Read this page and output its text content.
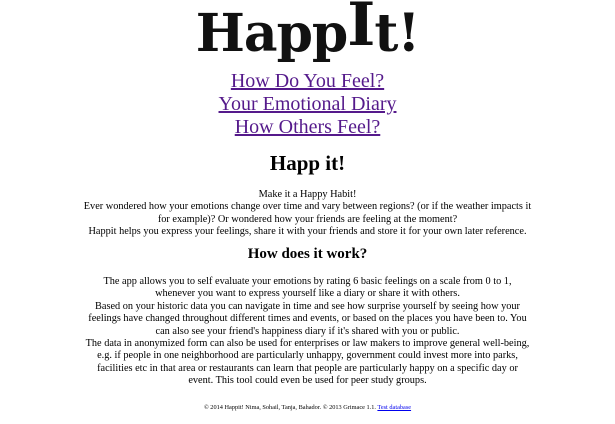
HappIt!
How Do You Feel?
Your Emotional Diary
How Others Feel?
Happ it!

Make it a Happy Habit!

Ever wondered how your emotions change over time and vary between regions? (or if the weather impacts it for example)? Or wondered how your friends are feeling at the moment?

Happit helps you express your feelings, share it with your friends and store it for your own later reference.

How does it work?

The app allows you to self evaluate your emotions by rating 6 basic feelings on a scale from 0 to 1, whenever you want to express yourself like a diary or share it with others.

Based on your historic data you can navigate in time and see how surprise yourself by seeing how your feelings have changed throughout different times and events, or based on the places you have been to. You can also see your friend's happiness diary if it's shared with you or public.

The data in anonymized form can also be used for enterprises or law makers to improve general well-being, e.g. if people in one neighborhood are particularly unhappy, government could invest more into parks, facilities etc in that area or restaurants can learn that people are particularly happy on a specific day or event. This tool could even be used for peer study groups.

© 2014 Happit! Nima, Sohail, Tanja, Bahador. © 2013 Grimace 1.1. Test database
